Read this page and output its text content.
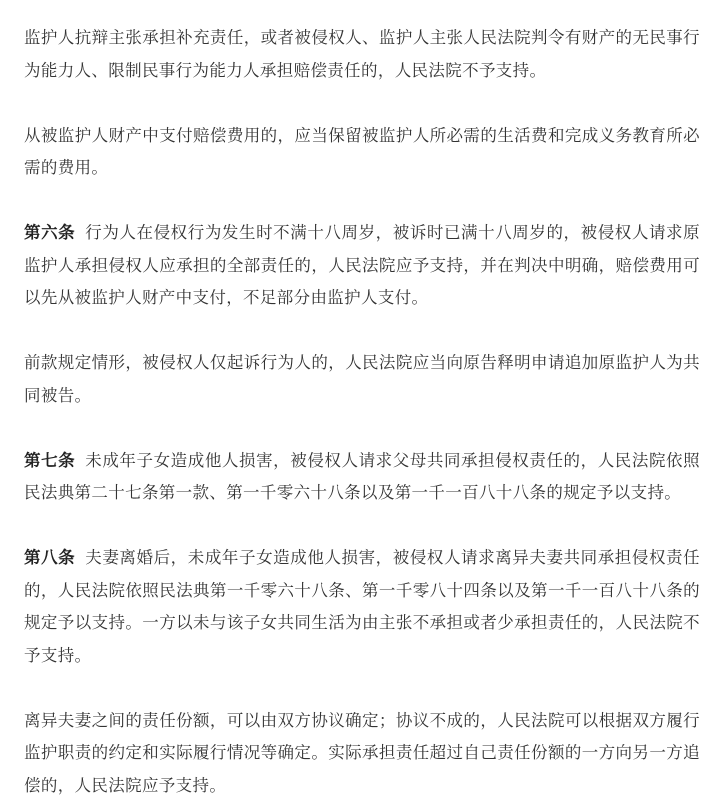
监护人抗辩主张承担补充责任，或者被侵权人、监护人主张人民法院判令有财产的无民事行为能力人、限制民事行为能力人承担赔偿责任的，人民法院不予支持。

从被监护人财产中支付赔偿费用的，应当保留被监护人所必需的生活费和完成义务教育所必需的费用。

第六条 行为人在侵权行为发生时不满十八周岁，被诉时已满十八周岁的，被侵权人请求原监护人承担侵权人应承担的全部责任的，人民法院应予支持，并在判决中明确，赔偿费用可以先从被监护人财产中支付，不足部分由监护人支付。

前款规定情形，被侵权人仅起诉行为人的，人民法院应当向原告释明申请追加原监护人为共同被告。

第七条 未成年子女造成他人损害，被侵权人请求父母共同承担侵权责任的，人民法院依照民法典第二十七条第一款、第一千零六十八条以及第一千一百八十八条的规定予以支持。

第八条 夫妻离婚后，未成年子女造成他人损害，被侵权人请求离异夫妻共同承担侵权责任的，人民法院依照民法典第一千零六十八条、第一千零八十四条以及第一千一百八十八条的规定予以支持。一方以未与该子女共同生活为由主张不承担或者少承担责任的，人民法院不予支持。

离异夫妻之间的责任份额，可以由双方协议确定；协议不成的，人民法院可以根据双方履行监护职责的约定和实际履行情况等确定。实际承担责任超过自己责任份额的一方向另一方追偿的，人民法院应予支持。
